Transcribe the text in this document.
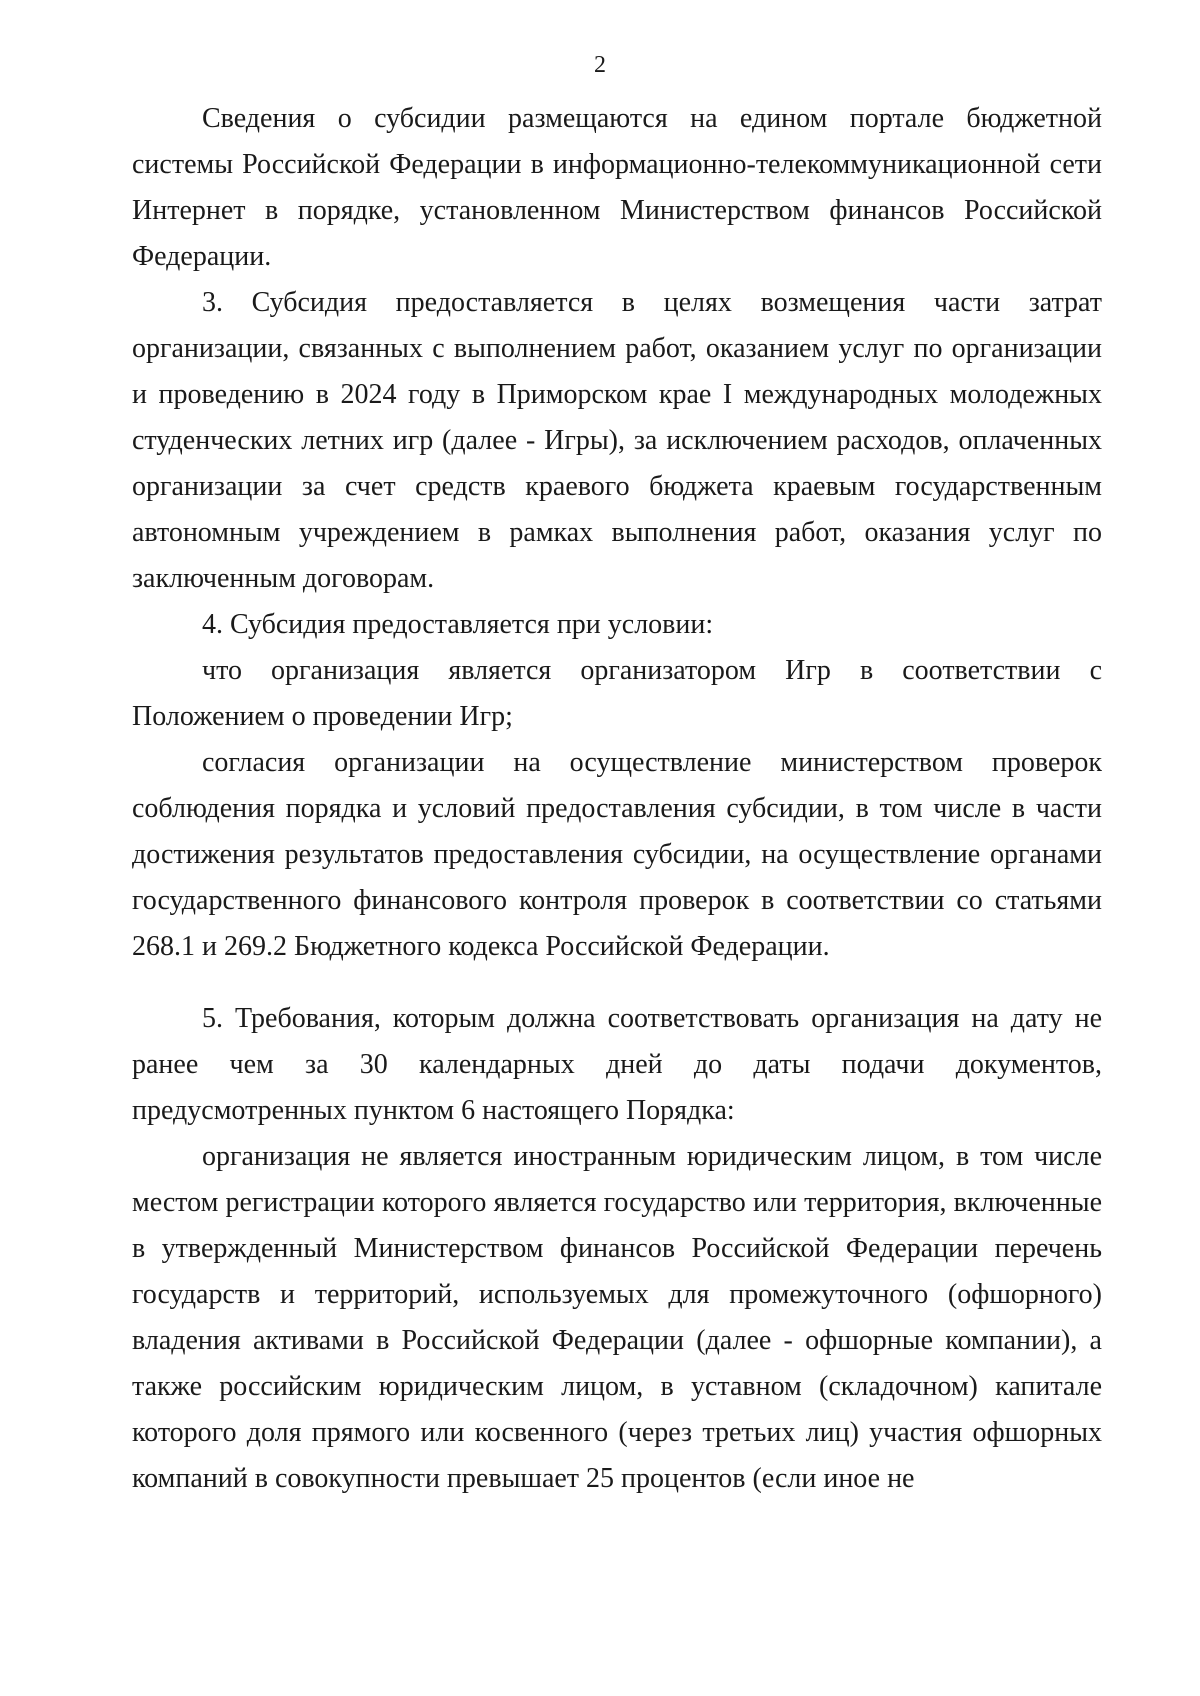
2

Сведения о субсидии размещаются на едином портале бюджетной системы Российской Федерации в информационно-телекоммуникационной сети Интернет в порядке, установленном Министерством финансов Российской Федерации.

3. Субсидия предоставляется в целях возмещения части затрат организации, связанных с выполнением работ, оказанием услуг по организации и проведению в 2024 году в Приморском крае I международных молодежных студенческих летних игр (далее - Игры), за исключением расходов, оплаченных организации за счет средств краевого бюджета краевым государственным автономным учреждением в рамках выполнения работ, оказания услуг по заключенным договорам.

4. Субсидия предоставляется при условии:

что организация является организатором Игр в соответствии с Положением о проведении Игр;

согласия организации на осуществление министерством проверок соблюдения порядка и условий предоставления субсидии, в том числе в части достижения результатов предоставления субсидии, на осуществление органами государственного финансового контроля проверок в соответствии со статьями 268.1 и 269.2 Бюджетного кодекса Российской Федерации.

5. Требования, которым должна соответствовать организация на дату не ранее чем за 30 календарных дней до даты подачи документов, предусмотренных пунктом 6 настоящего Порядка:

организация не является иностранным юридическим лицом, в том числе местом регистрации которого является государство или территория, включенные в утвержденный Министерством финансов Российской Федерации перечень государств и территорий, используемых для промежуточного (офшорного) владения активами в Российской Федерации (далее - офшорные компании), а также российским юридическим лицом, в уставном (складочном) капитале которого доля прямого или косвенного (через третьих лиц) участия офшорных компаний в совокупности превышает 25 процентов (если иное не
